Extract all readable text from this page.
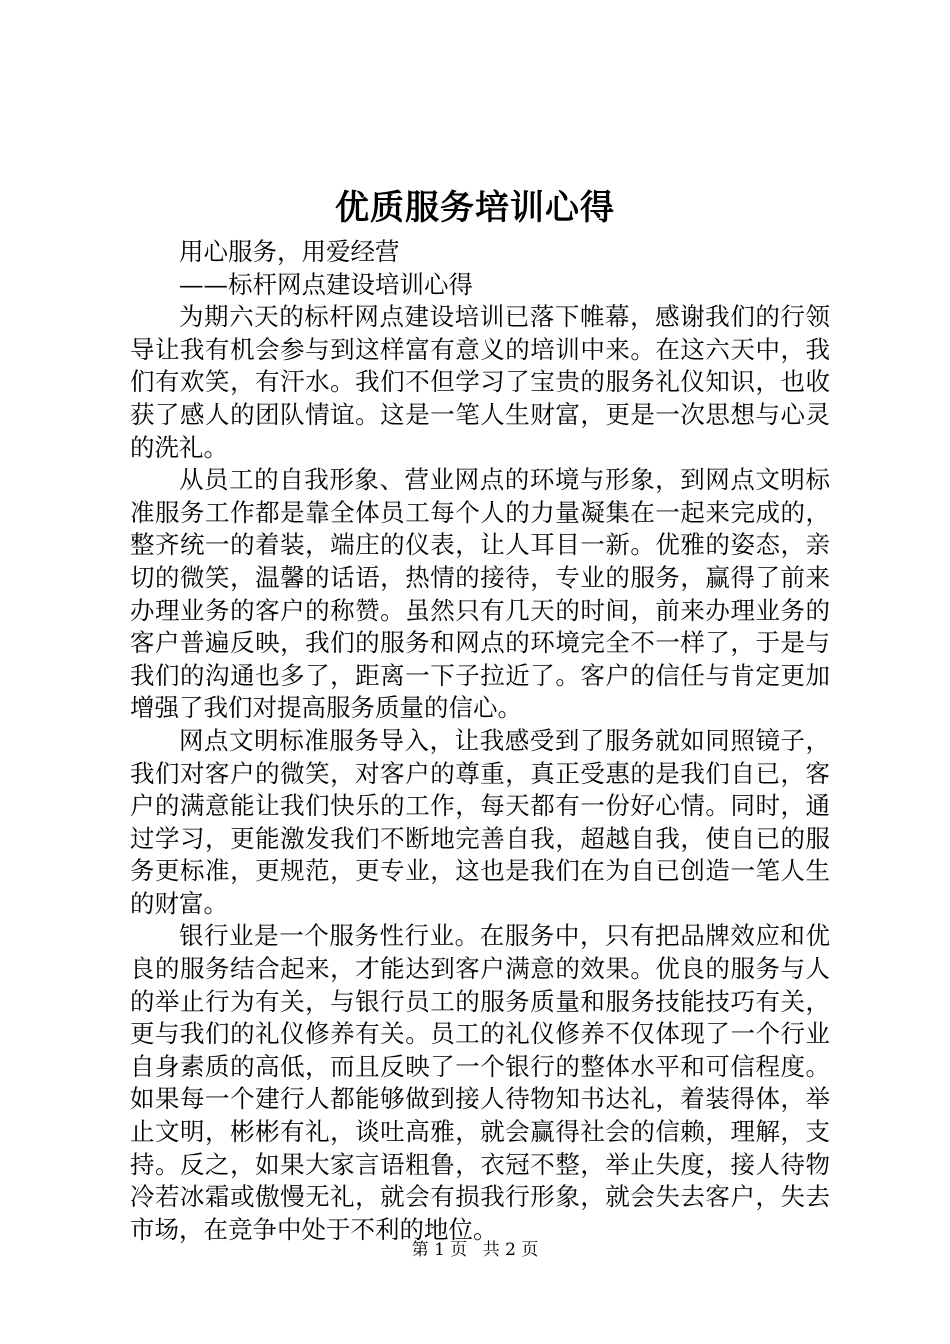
优质服务培训心得

用心服务，用爱经营

——标杆网点建设培训心得

为期六天的标杆网点建设培训已落下帷幕，感谢我们的行领导让我有机会参与到这样富有意义的培训中来。在这六天中，我们有欢笑，有汗水。我们不但学习了宝贵的服务礼仪知识，也收获了感人的团队情谊。这是一笔人生财富，更是一次思想与心灵的洗礼。

从员工的自我形象、营业网点的环境与形象，到网点文明标准服务工作都是靠全体员工每个人的力量凝集在一起来完成的，整齐统一的着装，端庄的仪表，让人耳目一新。优雅的姿态，亲切的微笑，温馨的话语，热情的接待，专业的服务，赢得了前来办理业务的客户的称赞。虽然只有几天的时间，前来办理业务的客户普遍反映，我们的服务和网点的环境完全不一样了，于是与我们的沟通也多了，距离一下子拉近了。客户的信任与肯定更加增强了我们对提高服务质量的信心。

网点文明标准服务导入，让我感受到了服务就如同照镜子，我们对客户的微笑，对客户的尊重，真正受惠的是我们自已，客户的满意能让我们快乐的工作，每天都有一份好心情。同时，通过学习，更能激发我们不断地完善自我，超越自我，使自已的服务更标准，更规范，更专业，这也是我们在为自已创造一笔人生的财富。

银行业是一个服务性行业。在服务中，只有把品牌效应和优良的服务结合起来，才能达到客户满意的效果。优良的服务与人的举止行为有关，与银行员工的服务质量和服务技能技巧有关，更与我们的礼仪修养有关。员工的礼仪修养不仅体现了一个行业自身素质的高低，而且反映了一个银行的整体水平和可信程度。如果每一个建行人都能够做到接人待物知书达礼，着装得体，举止文明，彬彬有礼，谈吐高雅，就会赢得社会的信赖，理解，支持。反之，如果大家言语粗鲁，衣冠不整，举止失度，接人待物冷若冰霜或傲慢无礼，就会有损我行形象，就会失去客户，失去市场，在竞争中处于不利的地位。

第 1 页 共 2 页
